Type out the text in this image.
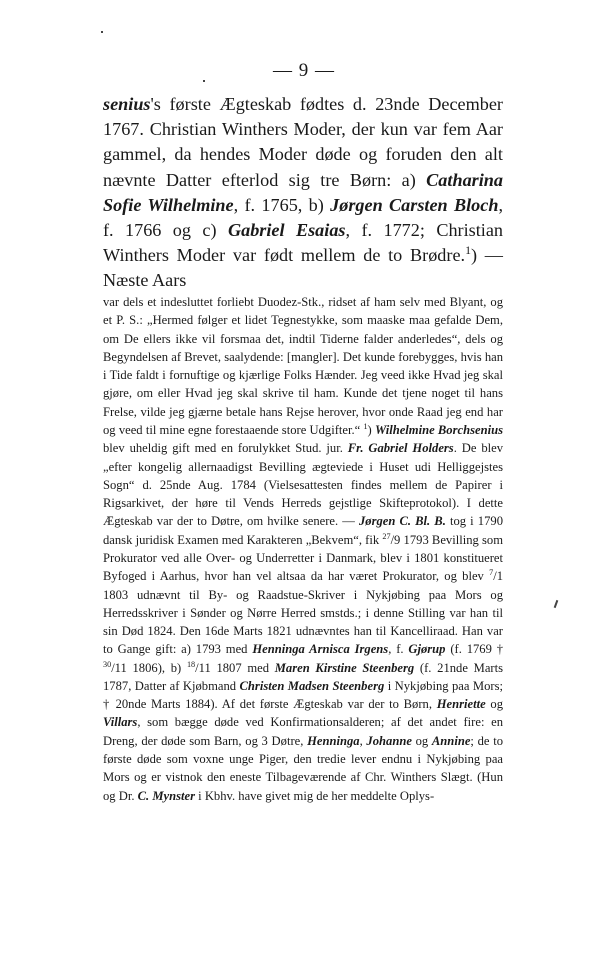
— 9 —

senius's første Ægteskab fødtes d. 23nde December 1767. Christian Winthers Moder, der kun var fem Aar gammel, da hendes Moder døde og foruden den alt nævnte Datter efterlod sig tre Børn: a) Catharina Sofie Wilhelmine, f. 1765, b) Jørgen Carsten Bloch, f. 1766 og c) Gabriel Esaias, f. 1772; Christian Winthers Moder var født mellem de to Brødre.$^1$) — Næste Aars

var dels et indesluttet forliebt Duodez-Stk., ridset af ham selv med Blyant, og et P. S.: „Hermed følger et lidet Tegnestykke, som maaske maa gefalde Dem, om De ellers ikke vil forsmaa det, indtil Tiderne falder anderledes“, dels og Begyndelsen af Brevet, saalydende: [mangler]. Det kunde forebygges, hvis han i Tide faldt i fornuftige og kjærlige Folks Hænder. Jeg veed ikke Hvad jeg skal gjøre, om eller Hvad jeg skal skrive til ham. Kunde det tjene noget til hans Frelse, vilde jeg gjærne betale hans Rejse herover, hvor onde Raad jeg end har og veed til mine egne forestaaende store Udgifter.“ $^1$) Wilhelmine Borchsenius blev uheldig gift med en forulykket Stud. jur. Fr. Gabriel Holders. De blev „efter kongelig allernaadigst Bevilling ægteviede i Huset udi Helliggejstes Sogn“ d. 25nde Aug. 1784 (Vielsesattesten findes mellem de Papirer i Rigsarkivet, der høre til Vends Herreds gejstlige Skifteprotokol). I dette Ægteskab var der to Døtre, om hvilke senere. — Jørgen C. Bl. B. tog i 1790 dansk juridisk Examen med Karakteren „Bekvem“, fik $^{27}$/9 1793 Bevilling som Prokurator ved alle Over- og Underretter i Danmark, blev i 1801 konstitueret Byfoged i Aarhus, hvor han vel altsaa da har været Prokurator, og blev $^7$/1 1803 udnævnt til By- og Raadstue-Skriver i Nykjøbing paa Mors og Herredsskriver i Sønder og Nørre Herred smstds.; i denne Stilling var han til sin Død 1824. Den 16de Marts 1821 udnævntes han til Kancelliraad. Han var to Gange gift: a) 1793 med Henninga Arnisca Irgens, f. Gjørup (f. 1769 † $^{30}$/11 1806), b) $^{18}$/11 1807 med Maren Kirstine Steenberg (f. 21nde Marts 1787, Datter af Kjøbmand Christen Madsen Steenberg i Nykjøbing paa Mors; † 20nde Marts 1884). Af det første Ægteskab var der to Børn, Henriette og Villars, som bægge døde ved Konfirmationsalderen; af det andet fire: en Dreng, der døde som Barn, og 3 Døtre, Henninga, Johanne og Annine; de to første døde som voxne unge Piger, den tredie lever endnu i Nykjøbing paa Mors og er vistnok den eneste Tilbageværende af Chr. Winthers Slægt. (Hun og Dr. C. Mynster i Kbhv. have givet mig de her meddelte Oplys-
